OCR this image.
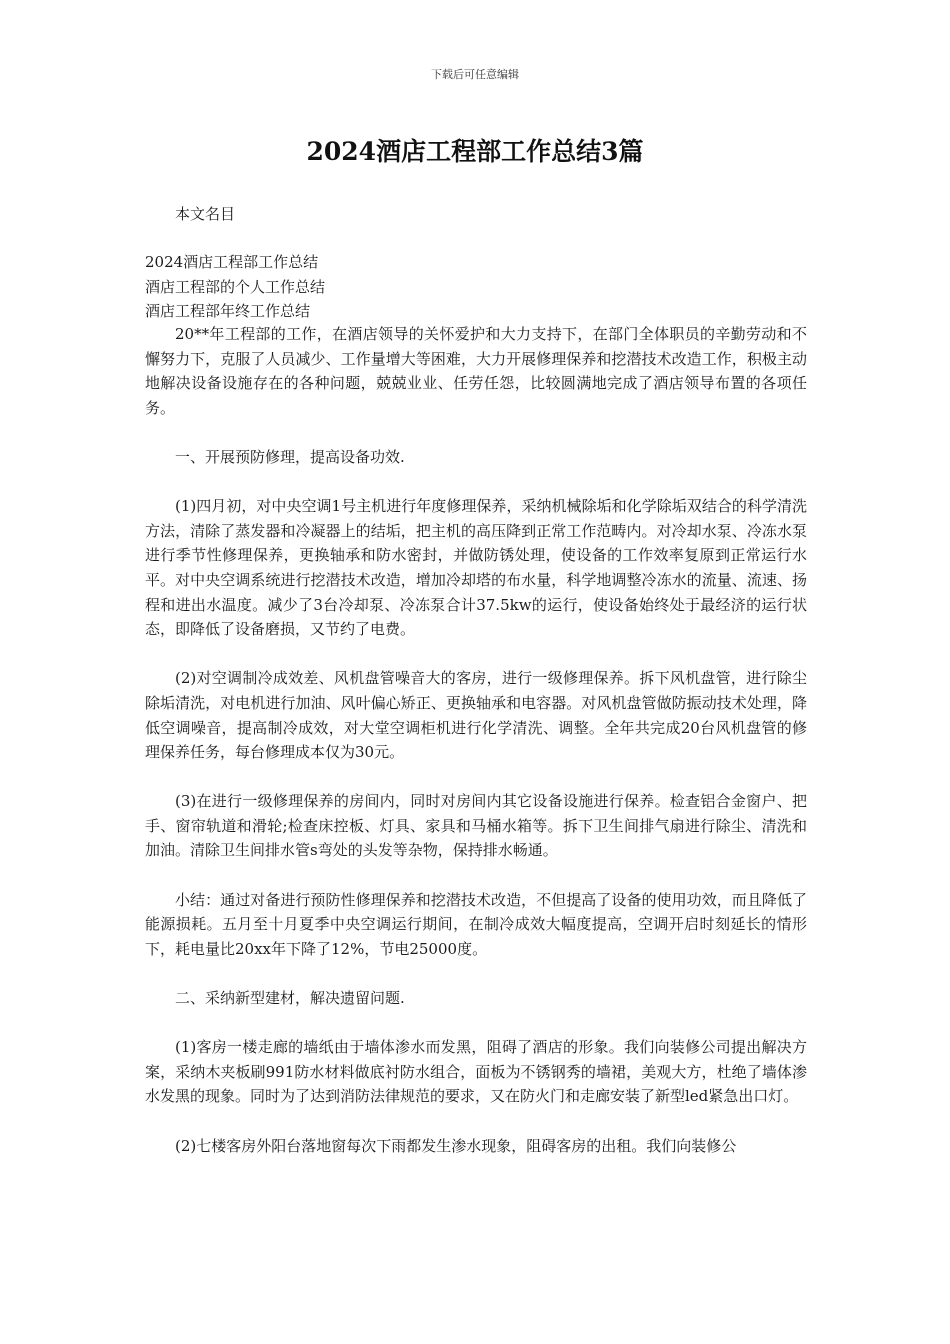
下载后可任意编辑
2024酒店工程部工作总结3篇
本文名目

2024酒店工程部工作总结

酒店工程部的个人工作总结

酒店工程部年终工作总结

20**年工程部的工作，在酒店领导的关怀爱护和大力支持下，在部门全体职员的辛勤劳动和不懈努力下，克服了人员减少、工作量增大等困难，大力开展修理保养和挖潜技术改造工作，积极主动地解决设备设施存在的各种问题，兢兢业业、任劳任怨，比较圆满地完成了酒店领导布置的各项任务。

一、开展预防修理，提高设备功效.

(1)四月初，对中央空调1号主机进行年度修理保养，采纳机械除垢和化学除垢双结合的科学清洗方法，清除了蒸发器和冷凝器上的结垢，把主机的高压降到正常工作范畴内。对冷却水泵、冷冻水泵进行季节性修理保养，更换轴承和防水密封，并做防锈处理，使设备的工作效率复原到正常运行水平。对中央空调系统进行挖潜技术改造，增加冷却塔的布水量，科学地调整冷冻水的流量、流速、扬程和进出水温度。减少了3台冷却泵、冷冻泵合计37.5kw的运行，使设备始终处于最经济的运行状态，即降低了设备磨损，又节约了电费。

(2)对空调制冷成效差、风机盘管噪音大的客房，进行一级修理保养。拆下风机盘管，进行除尘除垢清洗，对电机进行加油、风叶偏心矫正、更换轴承和电容器。对风机盘管做防振动技术处理，降低空调噪音，提高制冷成效，对大堂空调柜机进行化学清洗、调整。全年共完成20台风机盘管的修理保养任务，每台修理成本仅为30元。

(3)在进行一级修理保养的房间内，同时对房间内其它设备设施进行保养。检查铝合金窗户、把手、窗帘轨道和滑轮;检查床控板、灯具、家具和马桶水箱等。拆下卫生间排气扇进行除尘、清洗和加油。清除卫生间排水管s弯处的头发等杂物，保持排水畅通。

小结：通过对备进行预防性修理保养和挖潜技术改造，不但提高了设备的使用功效，而且降低了能源损耗。五月至十月夏季中央空调运行期间，在制冷成效大幅度提高，空调开启时刻延长的情形下，耗电量比20xx年下降了12%，节电25000度。

二、采纳新型建材，解决遗留问题.

(1)客房一楼走廊的墙纸由于墙体渗水而发黑，阻碍了酒店的形象。我们向装修公司提出解决方案，采纳木夹板刷991防水材料做底衬防水组合，面板为不锈钢秀的墙裙，美观大方，杜绝了墙体渗水发黑的现象。同时为了达到消防法律规范的要求，又在防火门和走廊安装了新型led紧急出口灯。

(2)七楼客房外阳台落地窗每次下雨都发生渗水现象，阻碍客房的出租。我们向装修公
